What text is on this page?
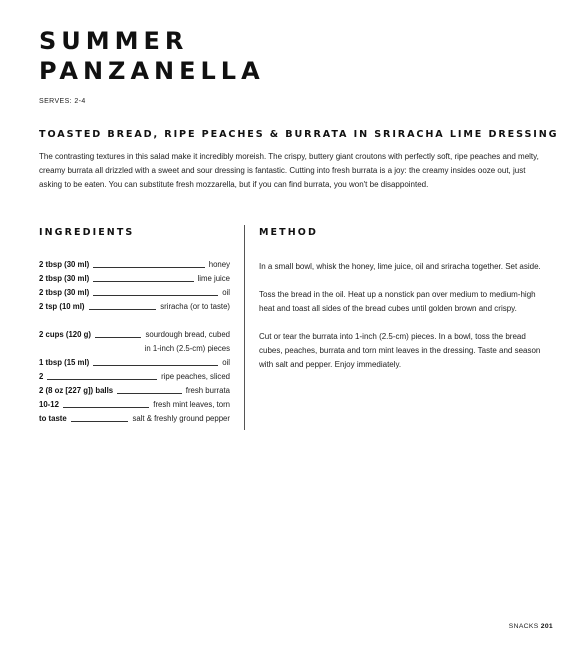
SUMMER
PANZANELLA
SERVES: 2-4
TOASTED BREAD, RIPE PEACHES & BURRATA IN SRIRACHA LIME DRESSING

The contrasting textures in this salad make it incredibly moreish. The crispy, buttery giant croutons with perfectly soft, ripe peaches and melty, creamy burrata all drizzled with a sweet and sour dressing is fantastic. Cutting into fresh burrata is a joy: the creamy insides ooze out, just asking to be eaten. You can substitute fresh mozzarella, but if you can find burrata, you won't be disappointed.

INGREDIENTS	METHOD
2 tbsp (30 ml)	honey
2 tbsp (30 ml)	lime juice
2 tbsp (30 ml)	oil
2 tsp (10 ml)	sriracha (or to taste)
2 cups (120 g)	sourdough bread, cubed
in 1-inch (2.5-cm) pieces
1 tbsp (15 ml)	oil
2	ripe peaches, sliced
2 (8 oz [227 g]) balls	fresh burrata
10-12	fresh mint leaves, torn
to taste	salt & freshly ground pepper

In a small bowl, whisk the honey, lime juice, oil and sriracha together. Set aside.

Toss the bread in the oil. Heat up a nonstick pan over medium to medium-high heat and toast all sides of the bread cubes until golden brown and crispy.

Cut or tear the burrata into 1-inch (2.5-cm) pieces. In a bowl, toss the bread cubes, peaches, burrata and torn mint leaves in the dressing. Taste and season with salt and pepper. Enjoy immediately.

SNACKS 201
